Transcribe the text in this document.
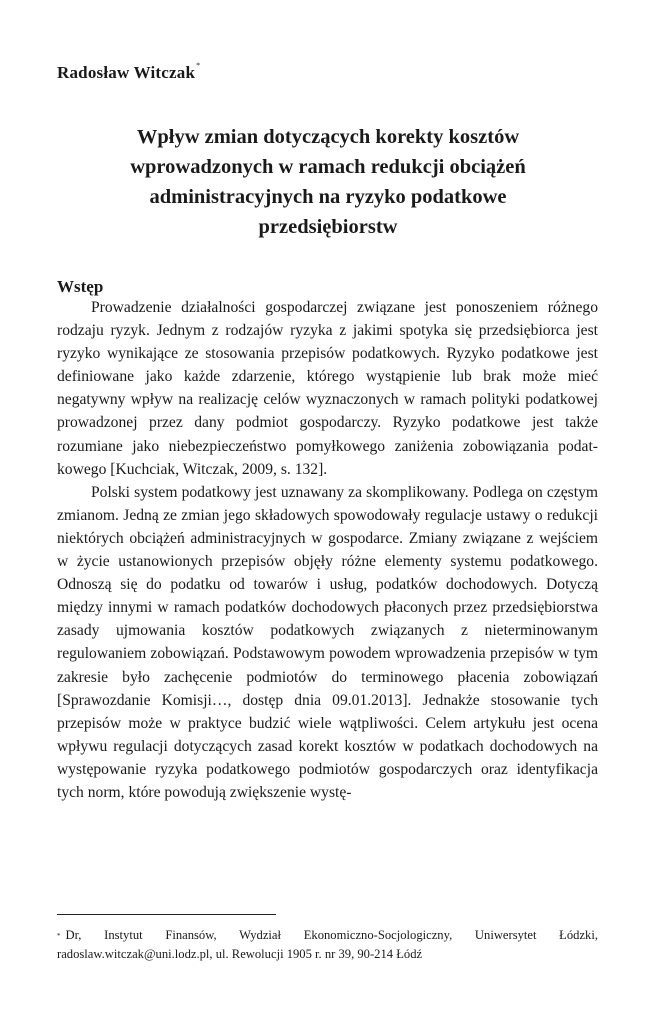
Radosław Witczak*
Wpływ zmian dotyczących korekty kosztów wprowadzonych w ramach redukcji obciążeń administracyjnych na ryzyko podatkowe przedsiębiorstw
Wstęp

Prowadzenie działalności gospodarczej związane jest ponoszeniem różnego rodzaju ryzyk. Jednym z rodzajów ryzyka z jakimi spotyka się przedsiębiorca jest ryzyko wynikające ze stosowania przepisów podatkowych. Ryzyko podatkowe jest definiowane jako każde zdarzenie, którego wystąpienie lub brak może mieć negatywny wpływ na realizację celów wyznaczonych w ramach polityki podatkowej prowadzonej przez dany podmiot gospodarczy. Ryzyko podatkowe jest także rozumiane jako niebezpieczeństwo pomyłkowego zaniżenia zobowiązania podatkowego [Kuchciak, Witczak, 2009, s. 132].

Polski system podatkowy jest uznawany za skomplikowany. Podlega on częstym zmianom. Jedną ze zmian jego składowych spowodowały regulacje ustawy o redukcji niektórych obciążeń administracyjnych w gospodarce. Zmiany związane z wejściem w życie ustanowionych przepisów objęły różne elementy systemu podatkowego. Odnoszą się do podatku od towarów i usług, podatków dochodowych. Dotyczą między innymi w ramach podatków dochodowych płaconych przez przedsiębiorstwa zasady ujmowania kosztów podatkowych związanych z nieterminowanym regulowaniem zobowiązań. Podstawowym powodem wprowadzenia przepisów w tym zakresie było zachęcenie podmiotów do terminowego płacenia zobowiązań [Sprawozdanie Komisji…, dostęp dnia 09.01.2013]. Jednakże stosowanie tych przepisów może w praktyce budzić wiele wątpliwości. Celem artykułu jest ocena wpływu regulacji dotyczących zasad korekt kosztów w podatkach dochodowych na występowanie ryzyka podatkowego podmiotów gospodarczych oraz identyfikacja tych norm, które powodują zwiększenie wystę-

* Dr, Instytut Finansów, Wydział Ekonomiczno-Socjologiczny, Uniwersytet Łódzki, radoslaw.witczak@uni.lodz.pl, ul. Rewolucji 1905 r. nr 39, 90-214 Łódź
